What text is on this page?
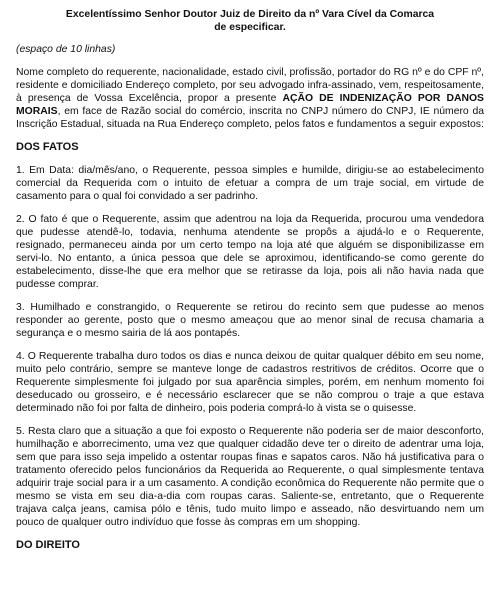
Excelentíssimo Senhor Doutor Juiz de Direito da nº Vara Cível da Comarca
de especificar.
(espaço de 10 linhas)

Nome completo do requerente, nacionalidade, estado civil, profissão, portador do RG nº e do CPF nº, residente e domiciliado Endereço completo, por seu advogado infra-assinado, vem, respeitosamente, à presença de Vossa Excelência, propor a presente AÇÃO DE INDENIZAÇÃO POR DANOS MORAIS, em face de Razão social do comércio, inscrita no CNPJ número do CNPJ, IE número da Inscrição Estadual, situada na Rua Endereço completo, pelos fatos e fundamentos a seguir expostos:

DOS FATOS

1. Em Data: dia/mês/ano, o Requerente, pessoa simples e humilde, dirigiu-se ao estabelecimento comercial da Requerida com o intuito de efetuar a compra de um traje social, em virtude de casamento para o qual foi convidado a ser padrinho.

2. O fato é que o Requerente, assim que adentrou na loja da Requerida, procurou uma vendedora que pudesse atendê-lo, todavia, nenhuma atendente se propôs a ajudá-lo e o Requerente, resignado, permaneceu ainda por um certo tempo na loja até que alguém se disponibilizasse em servi-lo. No entanto, a única pessoa que dele se aproximou, identificando-se como gerente do estabelecimento, disse-lhe que era melhor que se retirasse da loja, pois ali não havia nada que pudesse comprar.

3. Humilhado e constrangido, o Requerente se retirou do recinto sem que pudesse ao menos responder ao gerente, posto que o mesmo ameaçou que ao menor sinal de recusa chamaria a segurança e o mesmo sairia de lá aos pontapés.

4. O Requerente trabalha duro todos os dias e nunca deixou de quitar qualquer débito em seu nome, muito pelo contrário, sempre se manteve longe de cadastros restritivos de créditos. Ocorre que o Requerente simplesmente foi julgado por sua aparência simples, porém, em nenhum momento foi deseducado ou grosseiro, e é necessário esclarecer que se não comprou o traje a que estava determinado não foi por falta de dinheiro, pois poderia comprá-lo à vista se o quisesse.

5. Resta claro que a situação a que foi exposto o Requerente não poderia ser de maior desconforto, humilhação e aborrecimento, uma vez que qualquer cidadão deve ter o direito de adentrar uma loja, sem que para isso seja impelido a ostentar roupas finas e sapatos caros. Não há justificativa para o tratamento oferecido pelos funcionários da Requerida ao Requerente, o qual simplesmente tentava adquirir traje social para ir a um casamento. A condição econômica do Requerente não permite que o mesmo se vista em seu dia-a-dia com roupas caras. Saliente-se, entretanto, que o Requerente trajava calça jeans, camisa pólo e tênis, tudo muito limpo e asseado, não desvirtuando nem um pouco de qualquer outro indivíduo que fosse às compras em um shopping.

DO DIREITO
